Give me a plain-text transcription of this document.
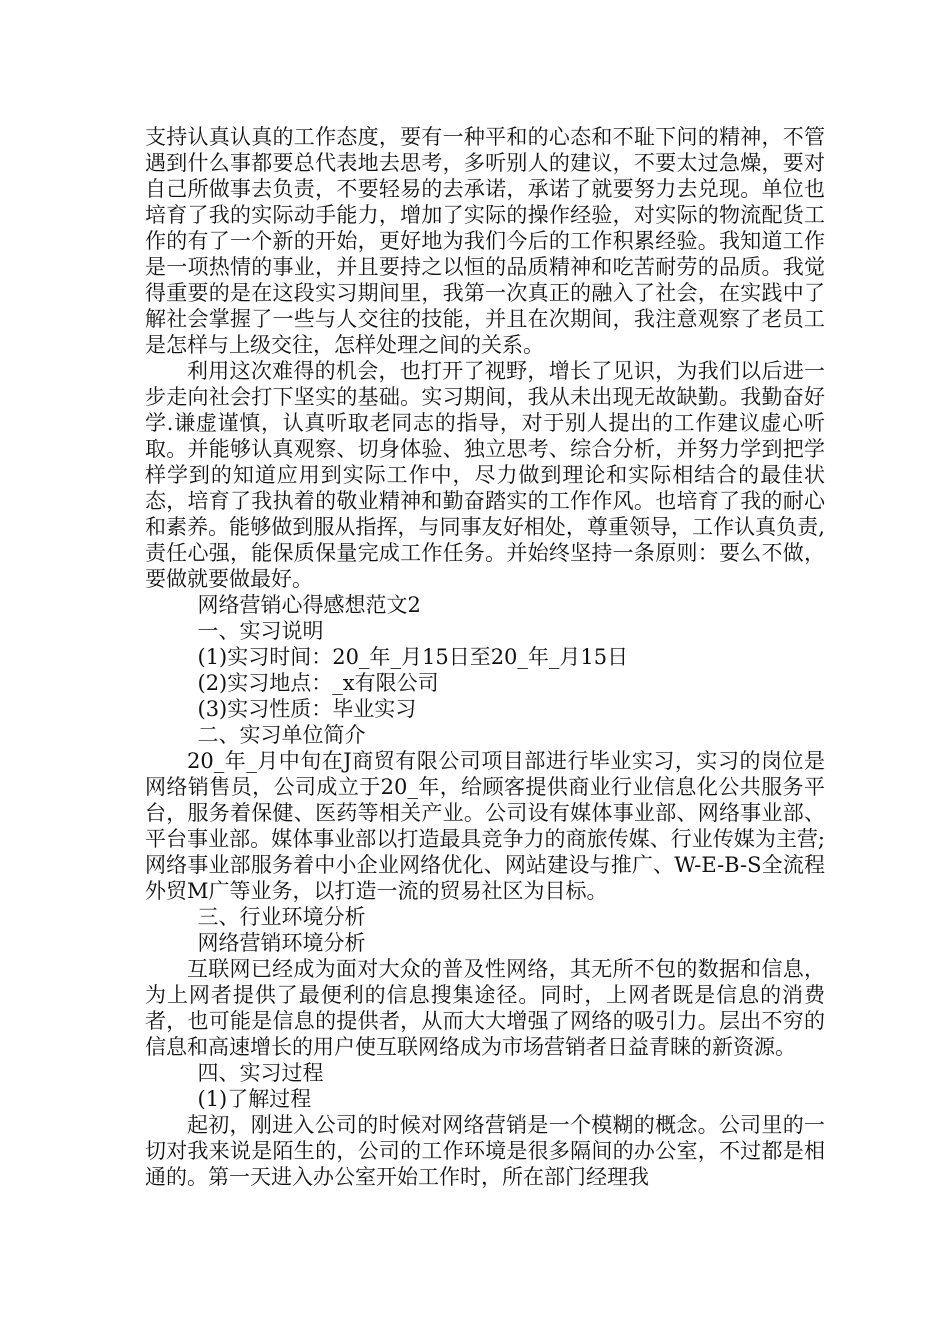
支持认真认真的工作态度，要有一种平和的心态和不耻下问的精神，不管遇到什么事都要总代表地去思考，多听别人的建议，不要太过急燥，要对自己所做事去负责，不要轻易的去承诺，承诺了就要努力去兑现。单位也培育了我的实际动手能力，增加了实际的操作经验，对实际的物流配货工作的有了一个新的开始，更好地为我们今后的工作积累经验。我知道工作是一项热情的事业，并且要持之以恒的品质精神和吃苦耐劳的品质。我觉得重要的是在这段实习期间里，我第一次真正的融入了社会，在实践中了解社会掌握了一些与人交往的技能，并且在次期间，我注意观察了老员工是怎样与上级交往，怎样处理之间的关系。

利用这次难得的机会，也打开了视野，增长了见识，为我们以后进一步走向社会打下坚实的基础。实习期间，我从未出现无故缺勤。我勤奋好学.谦虚谨慎，认真听取老同志的指导，对于别人提出的工作建议虚心听取。并能够认真观察、切身体验、独立思考、综合分析，并努力学到把学样学到的知道应用到实际工作中，尽力做到理论和实际相结合的最佳状态，培育了我执着的敬业精神和勤奋踏实的工作作风。也培育了我的耐心和素养。能够做到服从指挥，与同事友好相处，尊重领导，工作认真负责,责任心强，能保质保量完成工作任务。并始终坚持一条原则：要么不做，要做就要做最好。

网络营销心得感想范文2

一、实习说明

(1)实习时间：20_年_月15日至20_年_月15日

(2)实习地点：_x有限公司

(3)实习性质：毕业实习

二、实习单位简介

20_年_月中旬在J商贸有限公司项目部进行毕业实习，实习的岗位是网络销售员，公司成立于20_年，给顾客提供商业行业信息化公共服务平台，服务着保健、医药等相关产业。公司设有媒体事业部、网络事业部、平台事业部。媒体事业部以打造最具竞争力的商旅传媒、行业传媒为主营;网络事业部服务着中小企业网络优化、网站建设与推广、W-E-B-S全流程外贸M广等业务，以打造一流的贸易社区为目标。

三、行业环境分析

网络营销环境分析

互联网已经成为面对大众的普及性网络，其无所不包的数据和信息，为上网者提供了最便利的信息搜集途径。同时，上网者既是信息的消费者，也可能是信息的提供者，从而大大增强了网络的吸引力。层出不穷的信息和高速增长的用户使互联网络成为市场营销者日益青睐的新资源。

四、实习过程

(1)了解过程

起初，刚进入公司的时候对网络营销是一个模糊的概念。公司里的一切对我来说是陌生的，公司的工作环境是很多隔间的办公室，不过都是相通的。第一天进入办公室开始工作时，所在部门经理我
